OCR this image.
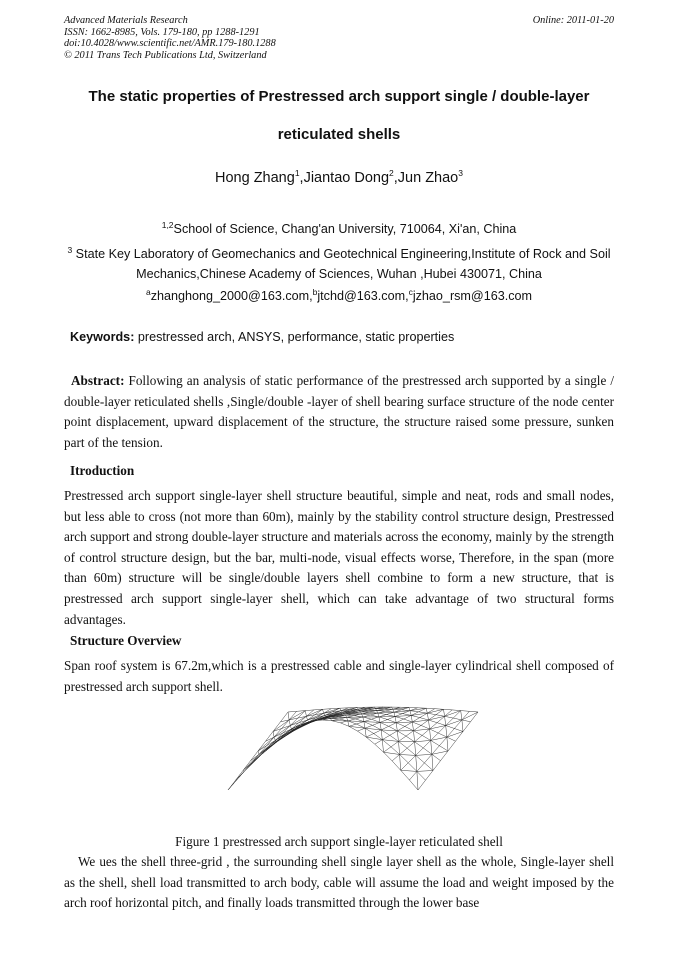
Advanced Materials Research
ISSN: 1662-8985, Vols. 179-180, pp 1288-1291
doi:10.4028/www.scientific.net/AMR.179-180.1288
© 2011 Trans Tech Publications Ltd, Switzerland
Online: 2011-01-20
The static properties of Prestressed arch support single / double-layer
reticulated shells
Hong Zhang$^1$,Jiantao Dong$^2$,Jun Zhao$^3$
$^{1,2}$School of Science, Chang'an University, 710064, Xi'an, China
$^3$ State Key Laboratory of Geomechanics and Geotechnical Engineering,Institute of Rock and Soil
Mechanics,Chinese Academy of Sciences, Wuhan ,Hubei 430071, China
$^a$zhanghong_2000@163.com,$^b$jtchd@163.com,$^c$jzhao_rsm@163.com
Keywords: prestressed arch, ANSYS, performance, static properties
Abstract: Following an analysis of static performance of the prestressed arch supported by a single / double-layer reticulated shells ,Single/double -layer of shell bearing surface structure of the node center point displacement, upward displacement of the structure, the structure raised some pressure, sunken part of the tension.
Itroduction
Prestressed arch support single-layer shell structure beautiful, simple and neat, rods and small nodes, but less able to cross (not more than 60m), mainly by the stability control structure design, Prestressed arch support and strong double-layer structure and materials across the economy, mainly by the strength of control structure design, but the bar, multi-node, visual effects worse, Therefore, in the span (more than 60m) structure will be single/double layers shell combine to form a new structure, that is prestressed arch support single-layer shell, which can take advantage of two structural forms advantages.
Structure Overview
Span roof system is 67.2m,which is a prestressed cable and single-layer cylindrical shell composed of prestressed arch support shell.
Figure 1 prestressed arch support single-layer reticulated shell
We ues the shell three-grid , the surrounding shell single layer shell as the whole, Single-layer shell as the shell, shell load transmitted to arch body, cable will assume the load and weight imposed by the arch roof horizontal pitch, and finally loads transmitted through the lower base
